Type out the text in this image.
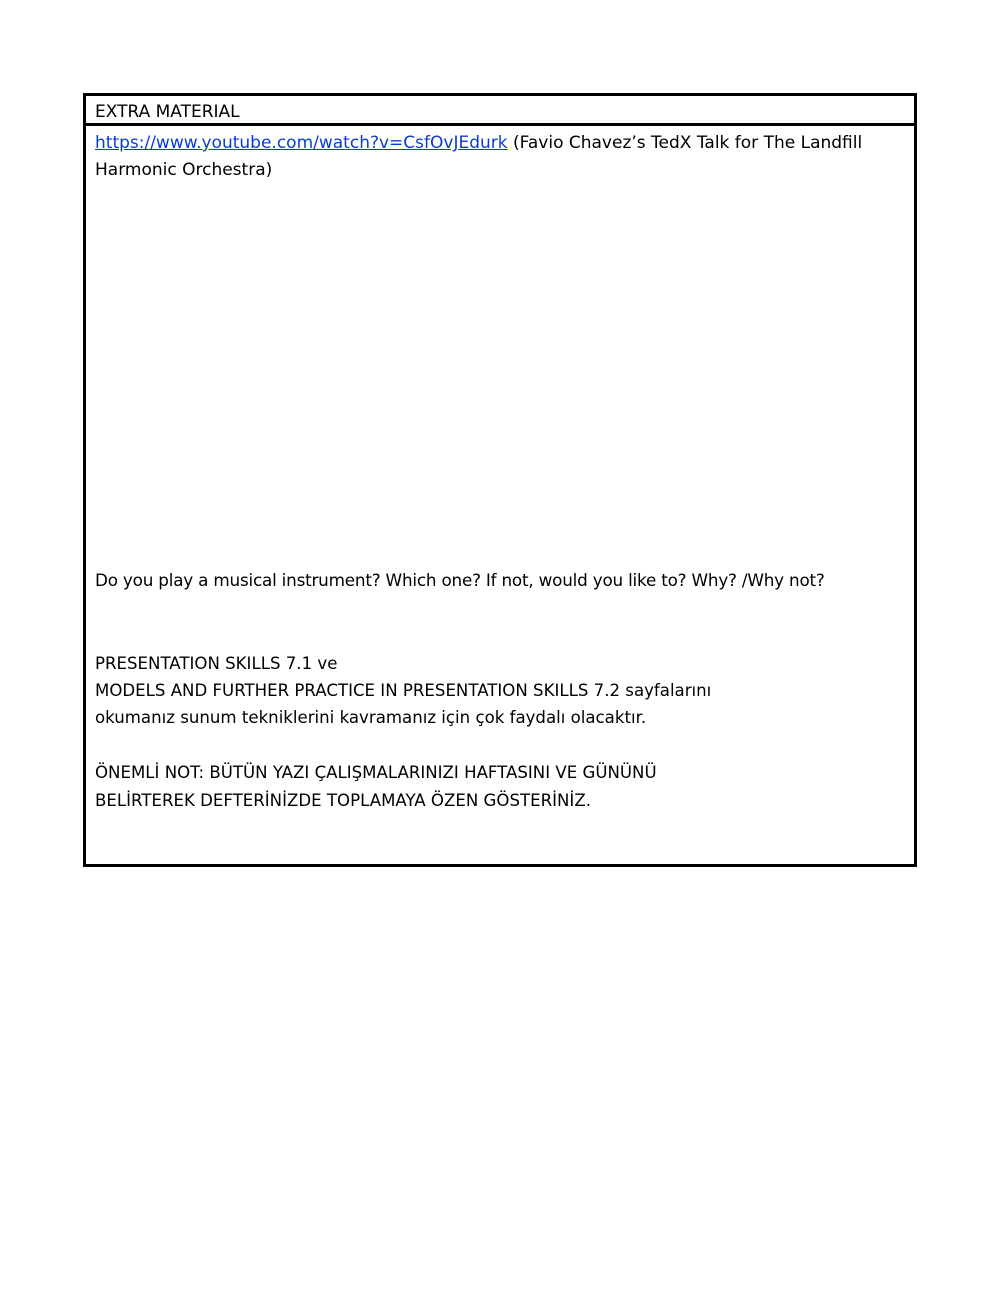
EXTRA MATERIAL
https://www.youtube.com/watch?v=CsfOvJEdurk (Favio Chavez’s TedX Talk for The Landfill Harmonic Orchestra)
Do you play a musical instrument? Which one? If not, would you like to? Why? /Why not?
PRESENTATION SKILLS 7.1 ve
MODELS AND FURTHER PRACTICE IN PRESENTATION SKILLS 7.2 sayfalarını
okumanız sunum tekniklerini kavramanız için çok faydalı olacaktır.
ÖNEMLİ NOT: BÜTÜN YAZI ÇALIŞMALARINIZI HAFTASINI VE GÜNÜNÜ
BELİRTEREK DEFTERİNİZDE TOPLAMAYA ÖZEN GÖSTERİNİZ.
